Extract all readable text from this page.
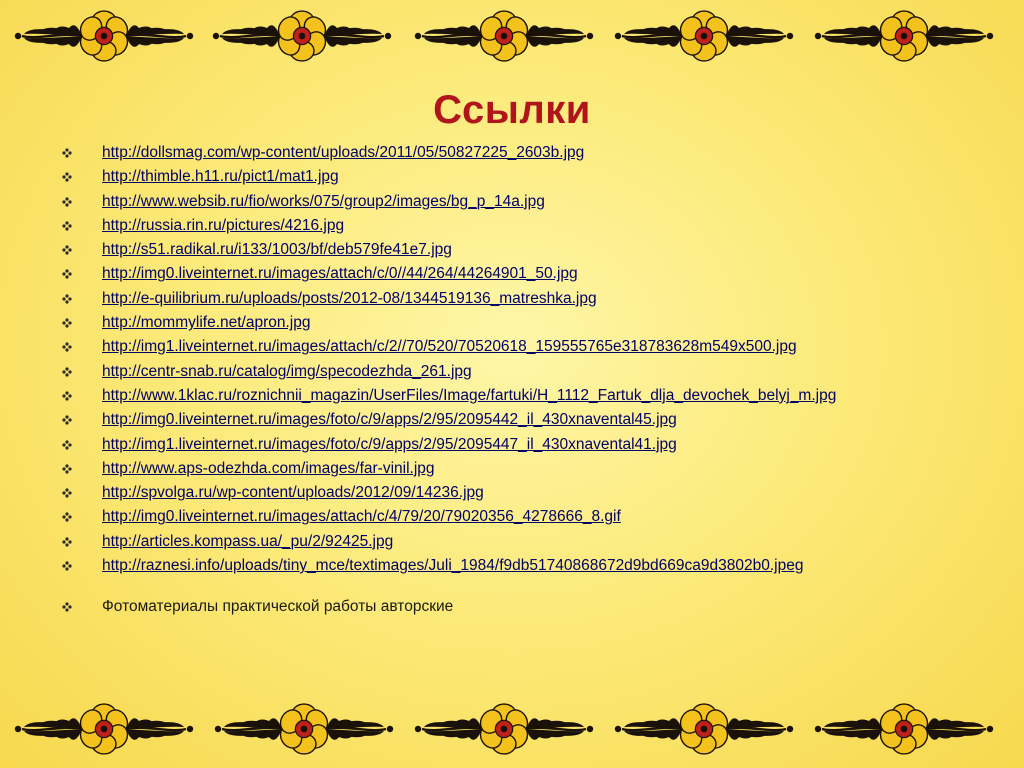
Ссылки
http://dollsmag.com/wp-content/uploads/2011/05/50827225_2603b.jpg
http://thimble.h11.ru/pict1/mat1.jpg
http://www.websib.ru/fio/works/075/group2/images/bg_p_14a.jpg
http://russia.rin.ru/pictures/4216.jpg
http://s51.radikal.ru/i133/1003/bf/deb579fe41e7.jpg
http://img0.liveinternet.ru/images/attach/c/0//44/264/44264901_50.jpg
http://e-quilibrium.ru/uploads/posts/2012-08/1344519136_matreshka.jpg
http://mommylife.net/apron.jpg
http://img1.liveinternet.ru/images/attach/c/2//70/520/70520618_159555765e318783628m549x500.jpg
http://centr-snab.ru/catalog/img/specodezhda_261.jpg
http://www.1klac.ru/roznichnii_magazin/UserFiles/Image/fartuki/H_1112_Fartuk_dlja_devochek_belyj_m.jpg
http://img0.liveinternet.ru/images/foto/c/9/apps/2/95/2095442_il_430xnavental45.jpg
http://img1.liveinternet.ru/images/foto/c/9/apps/2/95/2095447_il_430xnavental41.jpg
http://www.aps-odezhda.com/images/far-vinil.jpg
http://spvolga.ru/wp-content/uploads/2012/09/14236.jpg
http://img0.liveinternet.ru/images/attach/c/4/79/20/79020356_4278666_8.gif
http://articles.kompass.ua/_pu/2/92425.jpg
http://raznesi.info/uploads/tiny_mce/textimages/Juli_1984/f9db51740868672d9bd669ca9d3802b0.jpeg
Фотоматериалы практической работы авторские
